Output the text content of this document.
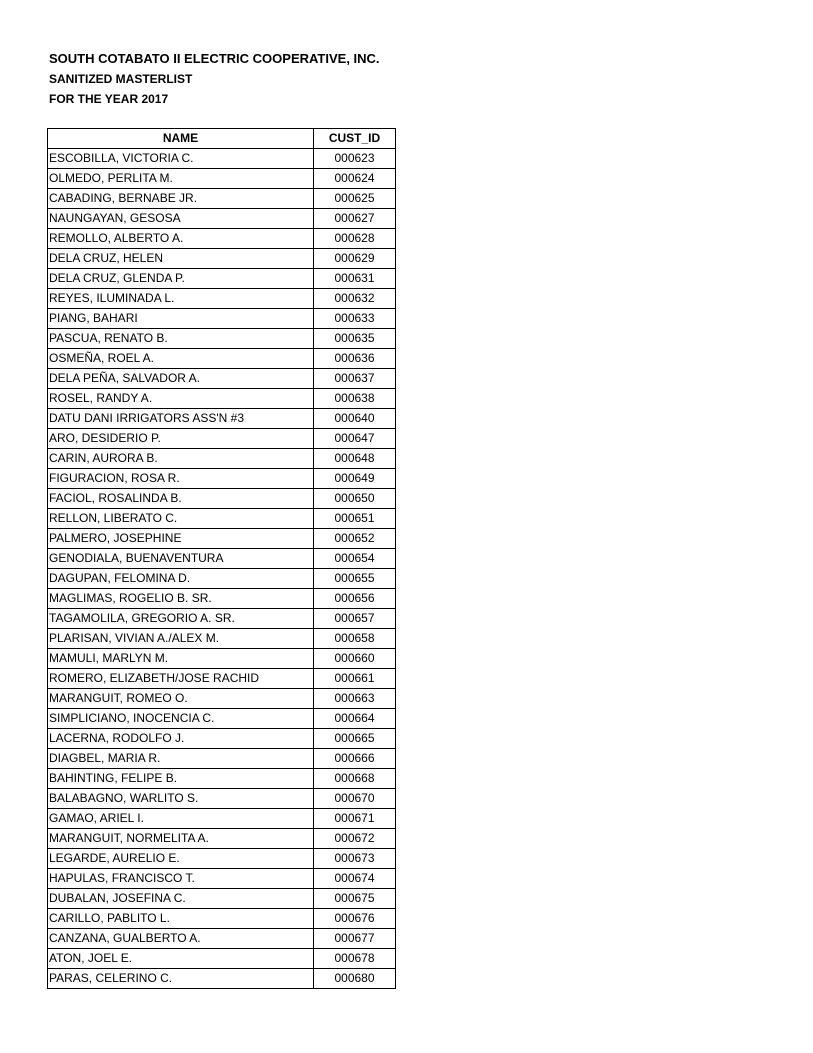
SOUTH COTABATO II ELECTRIC COOPERATIVE, INC.

SANITIZED MASTERLIST

FOR THE YEAR 2017

NAME	CUST_ID
ESCOBILLA, VICTORIA C.	000623
OLMEDO, PERLITA M.	000624
CABADING, BERNABE JR.	000625
NAUNGAYAN, GESOSA	000627
REMOLLO, ALBERTO A.	000628
DELA CRUZ, HELEN	000629
DELA CRUZ, GLENDA P.	000631
REYES, ILUMINADA L.	000632
PIANG, BAHARI	000633
PASCUA, RENATO B.	000635
OSMEÑA, ROEL A.	000636
DELA PEÑA, SALVADOR A.	000637
ROSEL, RANDY A.	000638
DATU DANI IRRIGATORS ASS'N #3	000640
ARO, DESIDERIO P.	000647
CARIN, AURORA B.	000648
FIGURACION, ROSA R.	000649
FACIOL, ROSALINDA B.	000650
RELLON, LIBERATO C.	000651
PALMERO, JOSEPHINE	000652
GENODIALA, BUENAVENTURA	000654
DAGUPAN, FELOMINA D.	000655
MAGLIMAS, ROGELIO B. SR.	000656
TAGAMOLILA, GREGORIO A. SR.	000657
PLARISAN, VIVIAN A./ALEX M.	000658
MAMULI, MARLYN M.	000660
ROMERO, ELIZABETH/JOSE RACHID	000661
MARANGUIT, ROMEO O.	000663
SIMPLICIANO, INOCENCIA C.	000664
LACERNA, RODOLFO J.	000665
DIAGBEL, MARIA R.	000666
BAHINTING, FELIPE B.	000668
BALABAGNO, WARLITO S.	000670
GAMAO, ARIEL I.	000671
MARANGUIT, NORMELITA A.	000672
LEGARDE, AURELIO E.	000673
HAPULAS, FRANCISCO T.	000674
DUBALAN, JOSEFINA C.	000675
CARILLO, PABLITO L.	000676
CANZANA, GUALBERTO A.	000677
ATON, JOEL E.	000678
PARAS, CELERINO C.	000680
